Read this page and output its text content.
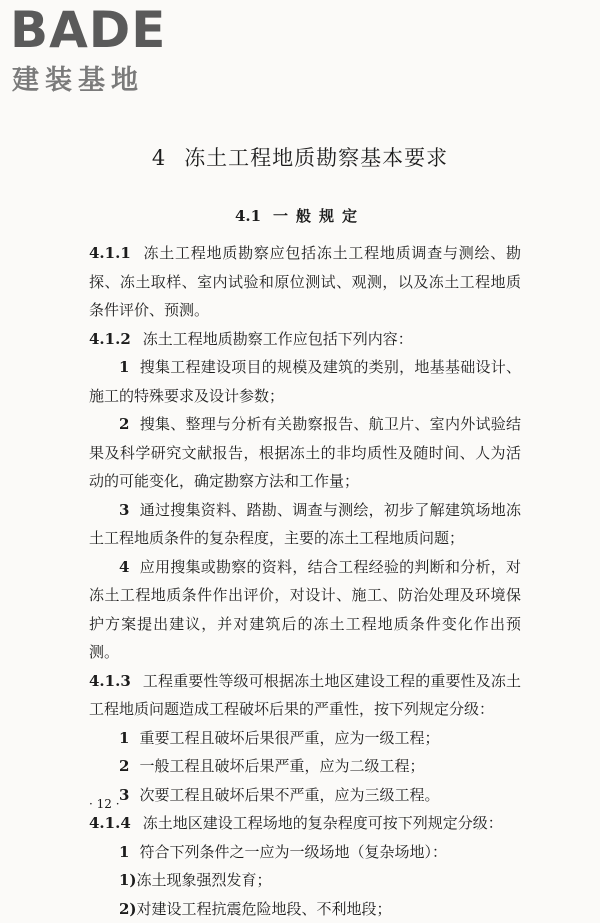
BADE
建装基地
4 冻土工程地质勘察基本要求
4.1 一般规定

4.1.1 冻土工程地质勘察应包括冻土工程地质调查与测绘、勘探、冻土取样、室内试验和原位测试、观测，以及冻土工程地质条件评价、预测。

4.1.2 冻土工程地质勘察工作应包括下列内容：

1 搜集工程建设项目的规模及建筑的类别，地基基础设计、施工的特殊要求及设计参数；

2 搜集、整理与分析有关勘察报告、航卫片、室内外试验结果及科学研究文献报告，根据冻土的非均质性及随时间、人为活动的可能变化，确定勘察方法和工作量；

3 通过搜集资料、踏勘、调查与测绘，初步了解建筑场地冻土工程地质条件的复杂程度，主要的冻土工程地质问题；

4 应用搜集或勘察的资料，结合工程经验的判断和分析，对冻土工程地质条件作出评价，对设计、施工、防治处理及环境保护方案提出建议，并对建筑后的冻土工程地质条件变化作出预测。

4.1.3 工程重要性等级可根据冻土地区建设工程的重要性及冻土工程地质问题造成工程破坏后果的严重性，按下列规定分级：

1 重要工程且破坏后果很严重，应为一级工程；

2 一般工程且破坏后果严重，应为二级工程；

3 次要工程且破坏后果不严重，应为三级工程。

4.1.4 冻土地区建设工程场地的复杂程度可按下列规定分级：

1 符合下列条件之一应为一级场地（复杂场地）：

1)冻土现象强烈发育；

2)对建设工程抗震危险地段、不利地段；

· 12 ·
